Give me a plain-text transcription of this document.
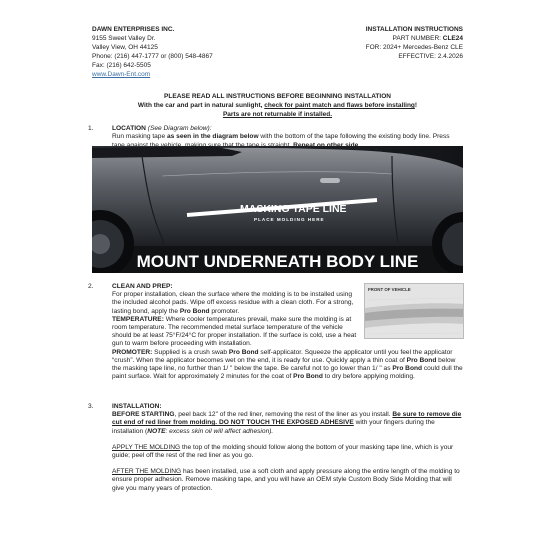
DAWN ENTERPRISES INC.
9155 Sweet Valley Dr.
Valley View, OH 44125
Phone: (216) 447-1777 or (800) 548-4867
Fax: (216) 642-5505
www.Dawn-Ent.com
INSTALLATION INSTRUCTIONS
PART NUMBER: CLE24
FOR: 2024+ Mercedes-Benz CLE
EFFECTIVE: 2.4.2026
PLEASE READ ALL INSTRUCTIONS BEFORE BEGINNING INSTALLATION
With the car and part in natural sunlight, check for paint match and flaws before installing!
Parts are not returnable if installed.
1.	LOCATION (See Diagram below):
Run masking tape as seen in the diagram below with the bottom of the tape following the existing body line. Press
MASKING TAPE LINE
PLACE MOLDING HERE
MOUNT UNDERNEATH BODY LINE
2.	CLEAN AND PREP:
For proper installation, clean the surface where the molding is to be installed using the included alcohol pads. Wipe off excess residue with a clean cloth. For a strong, lasting bond, apply the Pro Bond promoter.
TEMPERATURE: Where cooler temperatures prevail, make sure the molding is at room temperature. The recommended metal surface temperature of the vehicle should be at least 75°F/24°C for proper installation. If the surface is cold, use a heat gun to warm before proceeding with installation.
PROMOTER: Supplied is a crush swab Pro Bond self-applicator. Squeeze the applicator until you feel the applicator “crush”. When the applicator becomes wet on the end, it is ready for use. Quickly apply a thin coat of Pro Bond below the masking tape line, no further than 1/ " below the tape. Be careful not to go lower than 1/ " as Pro Bond could dull the paint surface. Wait for approximately 2 minutes for the coat of Pro Bond to dry before applying molding.
FRONT OF VEHICLE
3.	INSTALLATION:
BEFORE STARTING, peel back 12" of the red liner, removing the rest of the liner as you install. Be sure to remove die cut end of red liner from molding. DO NOT TOUCH THE EXPOSED ADHESIVE with your fingers during the installation (NOTE: excess skin oil will affect adhesion).
APPLY THE MOLDING the top of the molding should follow along the bottom of your masking tape line, which is your guide; peel off the rest of the red liner as you go.
AFTER THE MOLDING has been installed, use a soft cloth and apply pressure along the entire length of the molding to ensure proper adhesion. Remove masking tape, and you will have an OEM style Custom Body Side Molding that will give you many years of protection.
